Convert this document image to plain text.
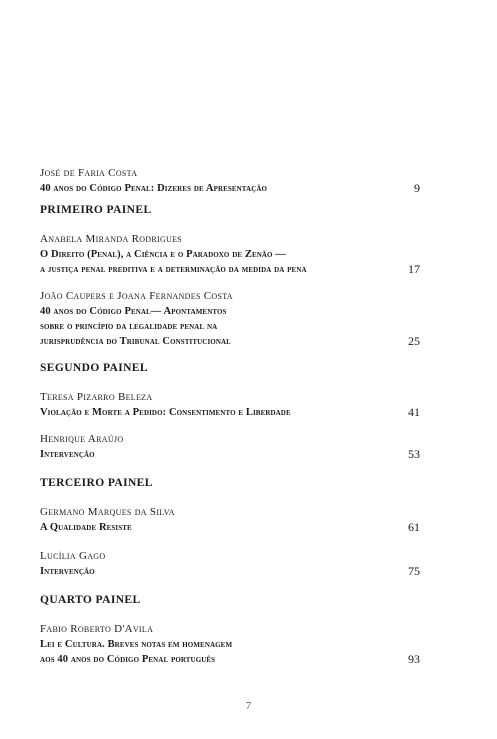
José de Faria Costa
40 anos do Código Penal: Dizeres de Apresentação	9
PRIMEIRO PAINEL
Anabela Miranda Rodrigues
O Direito (Penal), a Ciência e o Paradoxo de Zenão —
a justiça penal preditiva e a determinação da medida da pena	17
João Caupers e Joana Fernandes Costa
40 anos do Código Penal— Apontamentos
sobre o princípio da legalidade penal na
jurisprudência do Tribunal Constitucional	25
SEGUNDO PAINEL
Teresa Pizarro Beleza
Violação e Morte a Pedido: Consentimento e Liberdade	41
Henrique Araújo
Intervenção	53
TERCEIRO PAINEL
Germano Marques da Silva
A Qualidade Resiste	61
Lucília Gago
Intervenção	75
QUARTO PAINEL
Fabio Roberto D'Avila
Lei e Cultura. Breves notas em homenagem
aos 40 anos do Código Penal português	93
7
